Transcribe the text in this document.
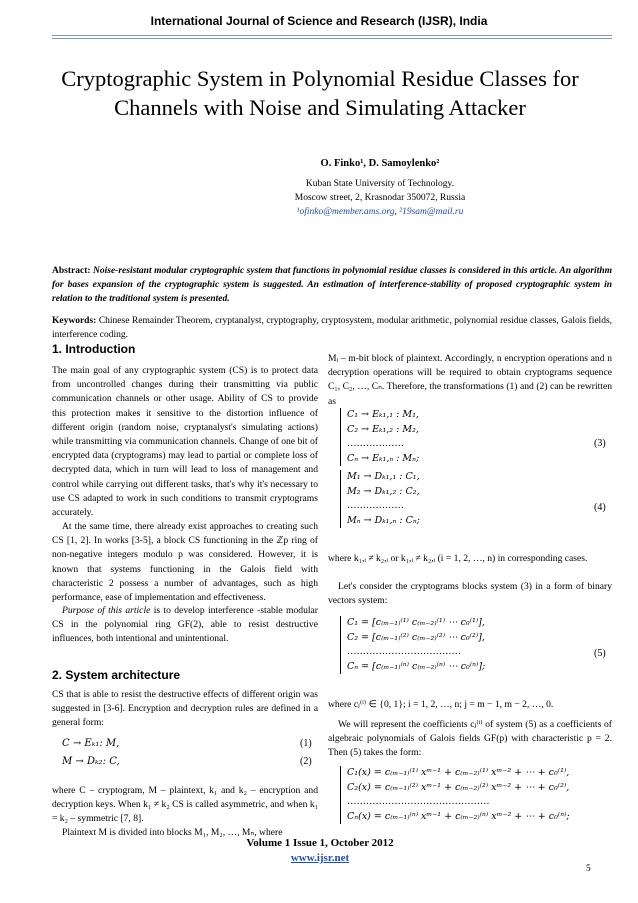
International Journal of Science and Research (IJSR), India
Cryptographic System in Polynomial Residue Classes for Channels with Noise and Simulating Attacker
O. Finko¹, D. Samoylenko²
Kuban State University of Technology.
Moscow street, 2, Krasnodar 350072, Russia
¹ofinko@member.ams.org, ²19sam@mail.ru
Abstract: Noise-resistant modular cryptographic system that functions in polynomial residue classes is considered in this article. An algorithm for bases expansion of the cryptographic system is suggested. An estimation of interference-stability of proposed cryptographic system in relation to the traditional system is presented.
Keywords: Chinese Remainder Theorem, cryptanalyst, cryptography, cryptosystem, modular arithmetic, polynomial residue classes, Galois fields, interference coding.
1. Introduction
The main goal of any cryptographic system (CS) is to protect data from uncontrolled changes during their transmitting via public communication channels or other usage. Ability of CS to provide this protection makes it sensitive to the distortion influence of different origin (random noise, cryptanalyst's simulating actions) while transmitting via communication channels. Change of one bit of encrypted data (cryptograms) may lead to partial or complete loss of decrypted data, which in turn will lead to loss of management and control while carrying out different tasks, that's why it's necessary to use CS adapted to work in such conditions to transmit cryptograms accurately.
At the same time, there already exist approaches to creating such CS [1, 2]. In works [3-5], a block CS functioning in the ℤp ring of non-negative integers modulo p was considered. However, it is known that systems functioning in the Galois field with characteristic 2 possess a number of advantages, such as high performance, ease of implementation and effectiveness.
Purpose of this article is to develop interference -stable modular CS in the polynomial ring GF(2), able to resist destructive influences, both intentional and unintentional.
2. System architecture
CS that is able to resist the destructive effects of different origin was suggested in [3-6]. Encryption and decryption rules are defined in a general form:
C → Eₖ₁: M,	(1)
M → Dₖ₂: C,	(2)
where C – cryptogram, M – plaintext, k₁ and k₂ – encryption and decryption keys. When k₁ ≠ k₂ CS is called asymmetric, and when k₁ = k₂ – symmetric [7, 8].
Plaintext M is divided into blocks M₁, M₂, …, Mₙ, where
Mᵢ – m-bit block of plaintext. Accordingly, n encryption operations and n decryption operations will be required to obtain cryptograms sequence C₁, C₂, …, Cₙ. Therefore, the transformations (1) and (2) can be rewritten as
C₁ → Eₖ₁,₁ : M₁,
C₂ → Eₖ₁,₂ : M₂,
………………
Cₙ → Eₖ₁,ₙ : Mₙ;
(3)
M₁ → Dₖ₁,₁ : C₁,
M₂ → Dₖ₁,₂ : C₂,
………………
Mₙ → Dₖ₁,ₙ : Cₙ;
(4)
where k₁,ᵢ ≠ k₂,ᵢ or k₁,ᵢ ≠ k₂,ᵢ (i = 1, 2, …, n) in corresponding cases.
Let's consider the cryptograms blocks system (3) in a form of binary vectors system:
C₁ = [c₍ₘ₋₁₎⁽¹⁾ c₍ₘ₋₂₎⁽¹⁾ ⋯ c₀⁽¹⁾],
C₂ = [c₍ₘ₋₁₎⁽²⁾ c₍ₘ₋₂₎⁽²⁾ ⋯ c₀⁽²⁾],
………………………………
Cₙ = [c₍ₘ₋₁₎⁽ⁿ⁾ c₍ₘ₋₂₎⁽ⁿ⁾ ⋯ c₀⁽ⁿ⁾];
(5)
where cⱼ⁽ⁱ⁾ ∈ {0, 1}; i = 1, 2, …, n; j = m − 1, m − 2, …, 0.
We will represent the coefficients cⱼ⁽ⁱ⁾ of system (5) as a coefficients of algebraic polynomials of Galois fields GF(p) with characteristic p = 2. Then (5) takes the form:
C₁(x) = c₍ₘ₋₁₎⁽¹⁾ xᵐ⁻¹ + c₍ₘ₋₂₎⁽¹⁾ xᵐ⁻² + ⋯ + c₀⁽¹⁾,
C₂(x) = c₍ₘ₋₁₎⁽²⁾ xᵐ⁻¹ + c₍ₘ₋₂₎⁽²⁾ xᵐ⁻² + ⋯ + c₀⁽²⁾,
………………………………………
Cₙ(x) = c₍ₘ₋₁₎⁽ⁿ⁾ xᵐ⁻¹ + c₍ₘ₋₂₎⁽ⁿ⁾ xᵐ⁻² + ⋯ + c₀⁽ⁿ⁾;
Volume 1 Issue 1, October 2012
www.ijsr.net
5
